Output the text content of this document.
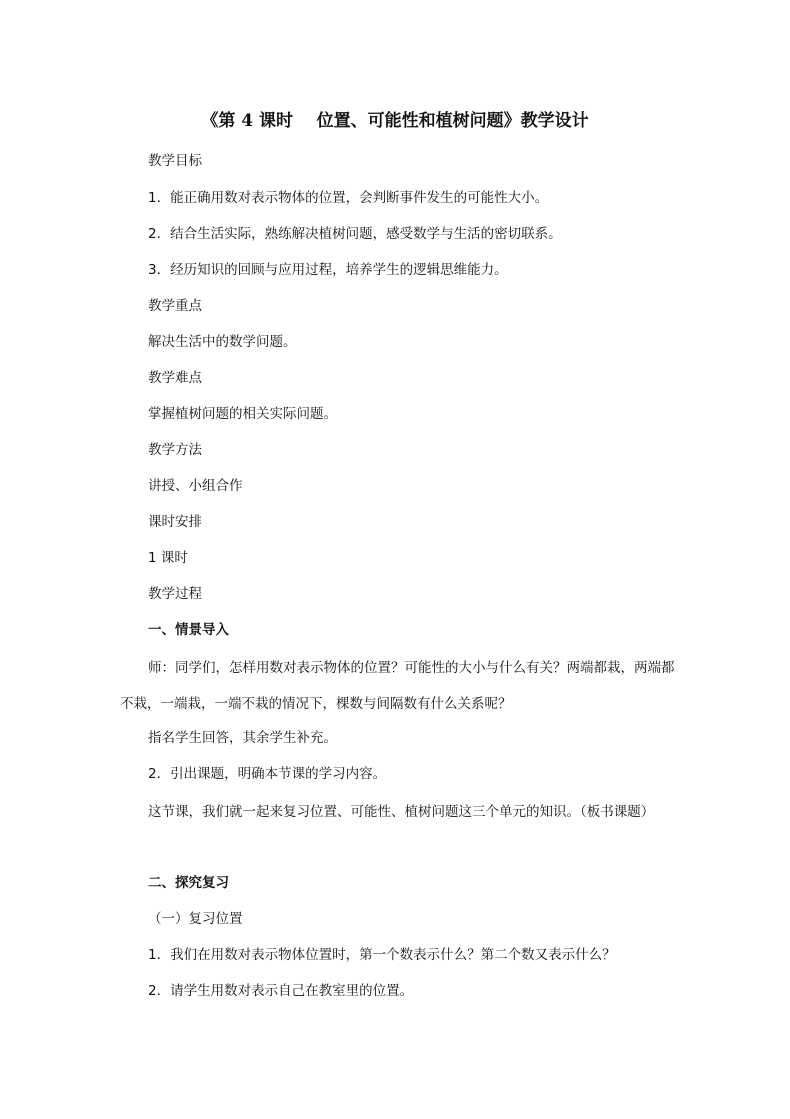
《第 4 课时    位置、可能性和植树问题》教学设计
教学目标
1．能正确用数对表示物体的位置，会判断事件发生的可能性大小。
2．结合生活实际，熟练解决植树问题，感受数学与生活的密切联系。
3．经历知识的回顾与应用过程，培养学生的逻辑思维能力。
教学重点
解决生活中的数学问题。
教学难点
掌握植树问题的相关实际问题。
教学方法
讲授、小组合作
课时安排
1 课时
教学过程
一、情景导入
师：同学们，怎样用数对表示物体的位置？可能性的大小与什么有关？两端都栽，两端都不栽，一端栽，一端不栽的情况下，棵数与间隔数有什么关系呢？
指名学生回答，其余学生补充。
2．引出课题，明确本节课的学习内容。
这节课，我们就一起来复习位置、可能性、植树问题这三个单元的知识。（板书课题）
二、探究复习
（一）复习位置
1．我们在用数对表示物体位置时，第一个数表示什么？第二个数又表示什么？
2．请学生用数对表示自己在教室里的位置。
